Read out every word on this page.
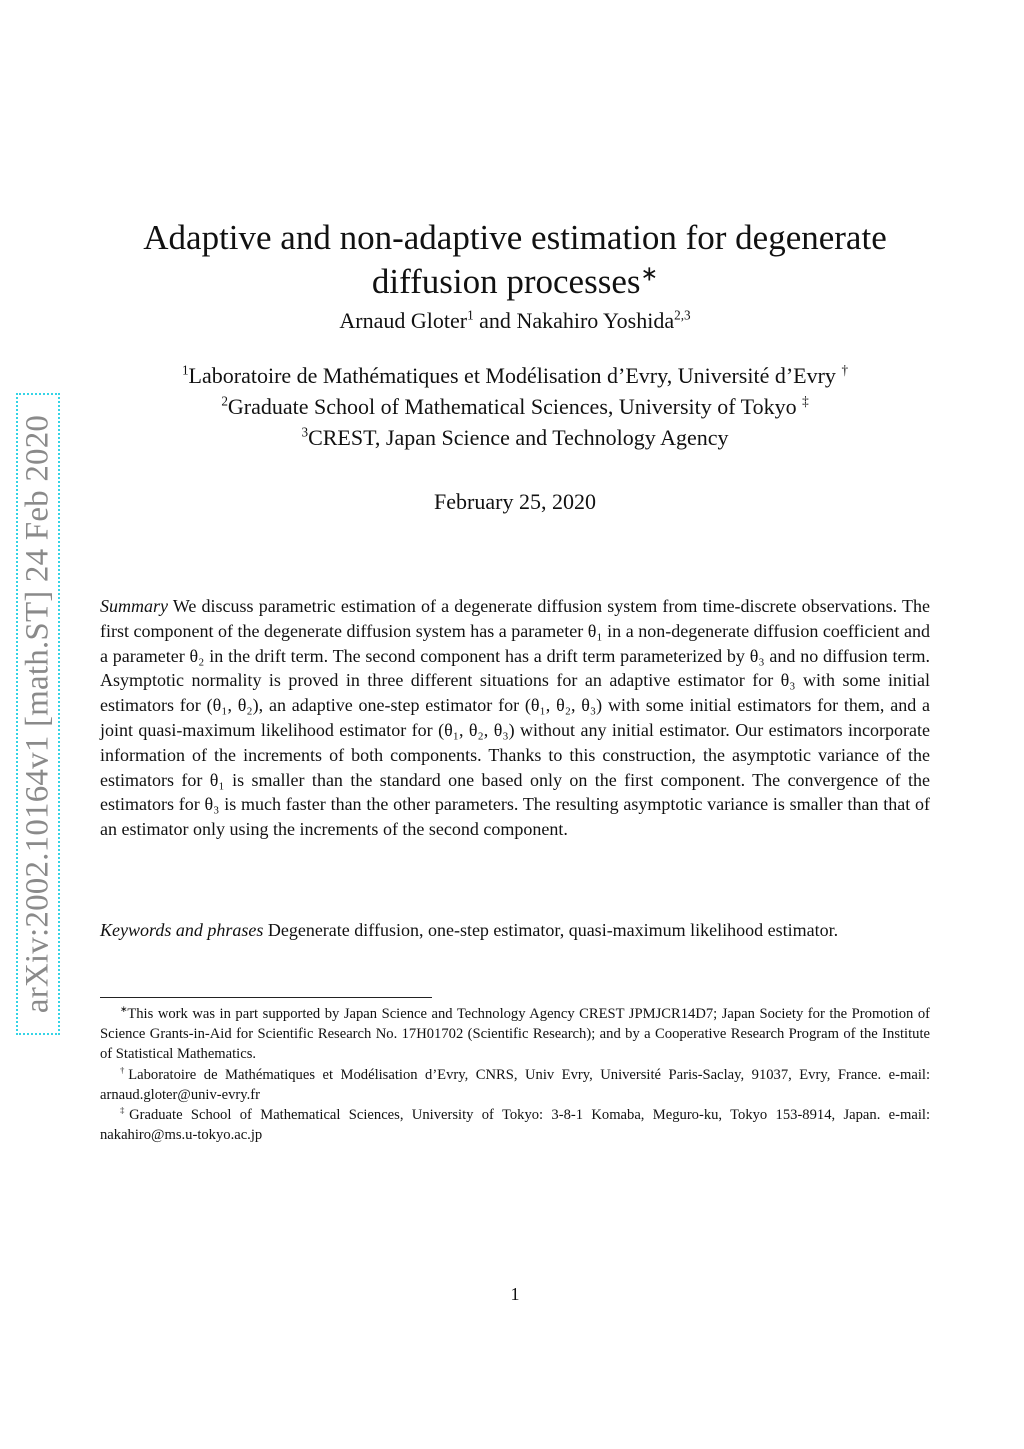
arXiv:2002.10164v1 [math.ST] 24 Feb 2020
Adaptive and non-adaptive estimation for degenerate
diffusion processes∗
Arnaud Gloter$^1$ and Nakahiro Yoshida$^{2,3}$
$^1$Laboratoire de Mathématiques et Modélisation d’Evry, Université d’Evry †
$^2$Graduate School of Mathematical Sciences, University of Tokyo ‡
$^3$CREST, Japan Science and Technology Agency
February 25, 2020
Summary We discuss parametric estimation of a degenerate diffusion system from time-discrete observations. The first component of the degenerate diffusion system has a parameter θ₁ in a non-degenerate diffusion coefficient and a parameter θ₂ in the drift term. The second component has a drift term parameterized by θ₃ and no diffusion term. Asymptotic normality is proved in three different situations for an adaptive estimator for θ₃ with some initial estimators for (θ₁, θ₂), an adaptive one-step estimator for (θ₁, θ₂, θ₃) with some initial estimators for them, and a joint quasi-maximum likelihood estimator for (θ₁, θ₂, θ₃) without any initial estimator. Our estimators incorporate information of the increments of both components. Thanks to this construction, the asymptotic variance of the estimators for θ₁ is smaller than the standard one based only on the first component. The convergence of the estimators for θ₃ is much faster than the other parameters. The resulting asymptotic variance is smaller than that of an estimator only using the increments of the second component.
Keywords and phrases Degenerate diffusion, one-step estimator, quasi-maximum likelihood estimator.

∗This work was in part supported by Japan Science and Technology Agency CREST JPMJCR14D7; Japan Society for the Promotion of Science Grants-in-Aid for Scientific Research No. 17H01702 (Scientific Research); and by a Cooperative Research Program of the Institute of Statistical Mathematics.

†Laboratoire de Mathématiques et Modélisation d’Evry, CNRS, Univ Evry, Université Paris-Saclay, 91037, Evry, France. e-mail: arnaud.gloter@univ-evry.fr

‡Graduate School of Mathematical Sciences, University of Tokyo: 3-8-1 Komaba, Meguro-ku, Tokyo 153-8914, Japan. e-mail: nakahiro@ms.u-tokyo.ac.jp

1
